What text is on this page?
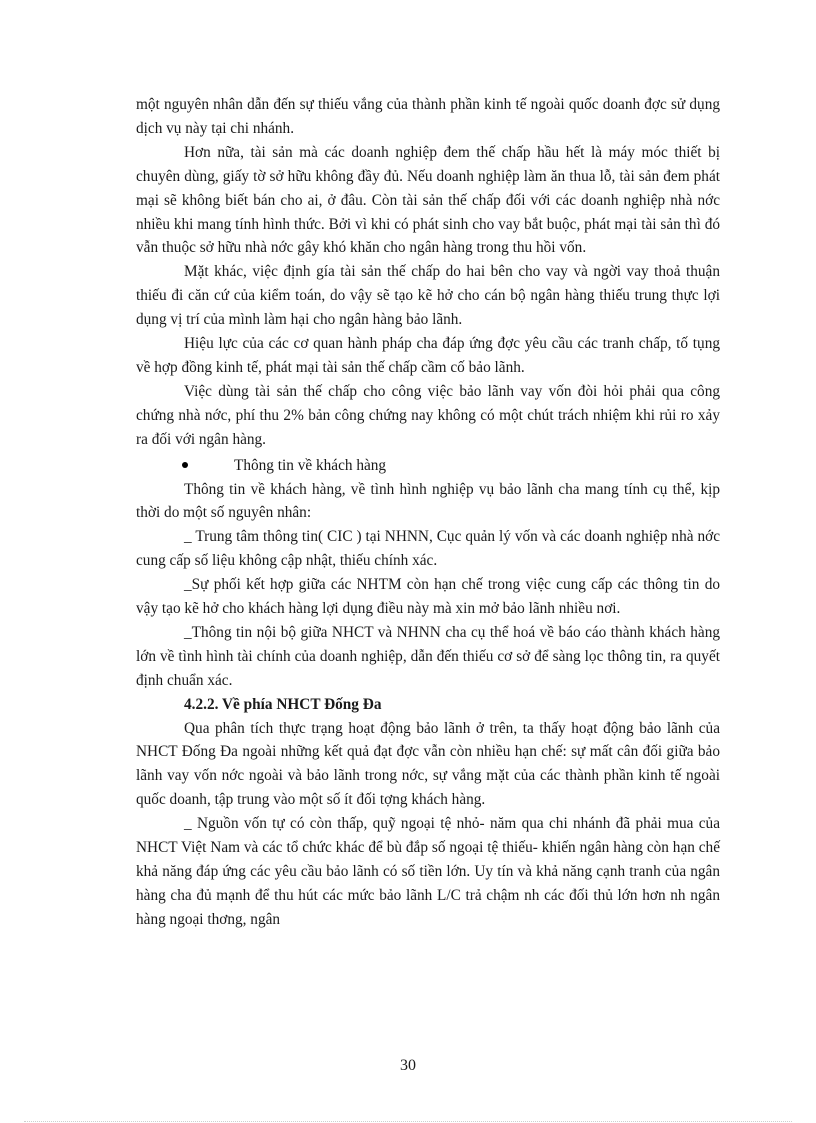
một nguyên nhân dẫn đến sự thiếu vắng của thành phần kinh tế ngoài quốc doanh đợc sử dụng dịch vụ này tại chi nhánh.

Hơn nữa, tài sản mà các doanh nghiệp đem thế chấp hầu hết là máy móc thiết bị chuyên dùng, giấy tờ sở hữu không đầy đủ. Nếu doanh nghiệp làm ăn thua lỗ, tài sản đem phát mại sẽ không biết bán cho ai, ở đâu. Còn tài sản thế chấp đối với các doanh nghiệp nhà nớc nhiều khi mang tính hình thức. Bởi vì khi có phát sinh cho vay bắt buộc, phát mại tài sản thì đó vẫn thuộc sở hữu nhà nớc gây khó khăn cho ngân hàng trong thu hồi vốn.

Mặt khác, việc định gía tài sản thế chấp do hai bên cho vay và ngời vay thoả thuận thiếu đi căn cứ của kiểm toán, do vậy sẽ tạo kẽ hở cho cán bộ ngân hàng thiếu trung thực lợi dụng vị trí của mình làm hại cho ngân hàng bảo lãnh.

Hiệu lực của các cơ quan hành pháp cha đáp ứng đợc yêu cầu các tranh chấp, tố tụng về hợp đồng kinh tế, phát mại tài sản thế chấp cầm cố bảo lãnh.

Việc dùng tài sản thế chấp cho công việc bảo lãnh vay vốn đòi hỏi phải qua công chứng nhà nớc, phí thu 2% bản công chứng nay không có một chút trách nhiệm khi rủi ro xảy ra đối với ngân hàng.

Thông tin về khách hàng

Thông tin về khách hàng, về tình hình nghiệp vụ bảo lãnh cha mang tính cụ thể, kịp thời do một số nguyên nhân:

_ Trung tâm thông tin( CIC ) tại NHNN, Cục quản lý vốn và các doanh nghiệp nhà nớc cung cấp số liệu không cập nhật, thiếu chính xác.

_Sự phối kết hợp giữa các NHTM còn hạn chế trong việc cung cấp các thông tin do vậy tạo kẽ hở cho khách hàng lợi dụng điều này mà xin mở bảo lãnh nhiều nơi.

_Thông tin nội bộ giữa NHCT và NHNN cha cụ thể hoá về báo cáo thành khách hàng lớn về tình hình tài chính của doanh nghiệp, dẫn đến thiếu cơ sở để sàng lọc thông tin, ra quyết định chuẩn xác.

4.2.2. Về phía NHCT Đống Đa

Qua phân tích thực trạng hoạt động bảo lãnh ở trên, ta thấy hoạt động bảo lãnh của NHCT Đống Đa ngoài những kết quả đạt đợc vẫn còn nhiều hạn chế: sự mất cân đối giữa bảo lãnh vay vốn nớc ngoài và bảo lãnh trong nớc, sự vắng mặt của các thành phần kinh tế ngoài quốc doanh, tập trung vào một số ít đối tợng khách hàng.

_ Nguồn vốn tự có còn thấp, quỹ ngoại tệ nhỏ- năm qua chi nhánh đã phải mua của NHCT Việt Nam và các tổ chức khác để bù đắp số ngoại tệ thiếu- khiến ngân hàng còn hạn chế khả năng đáp ứng các yêu cầu bảo lãnh có số tiền lớn. Uy tín và khả năng cạnh tranh của ngân hàng cha đủ mạnh để thu hút các mức bảo lãnh L/C trả chậm nh các đối thủ lớn hơn nh ngân hàng ngoại thơng, ngân

30
